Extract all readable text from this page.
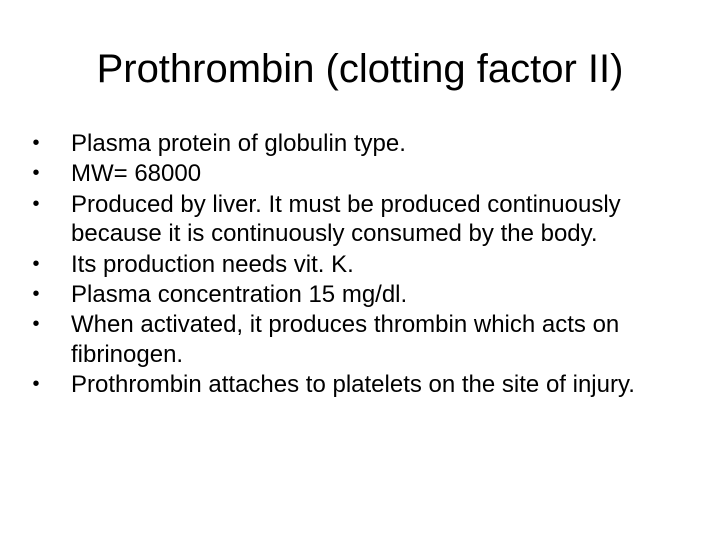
Prothrombin (clotting factor II)
• Plasma protein of globulin type.
• MW= 68000
• Produced by liver. It must be produced continuously because it is continuously consumed by the body.
• Its production needs vit. K.
• Plasma concentration 15 mg/dl.
• When activated, it produces thrombin which acts on fibrinogen.
• Prothrombin attaches to platelets on the site of injury.
